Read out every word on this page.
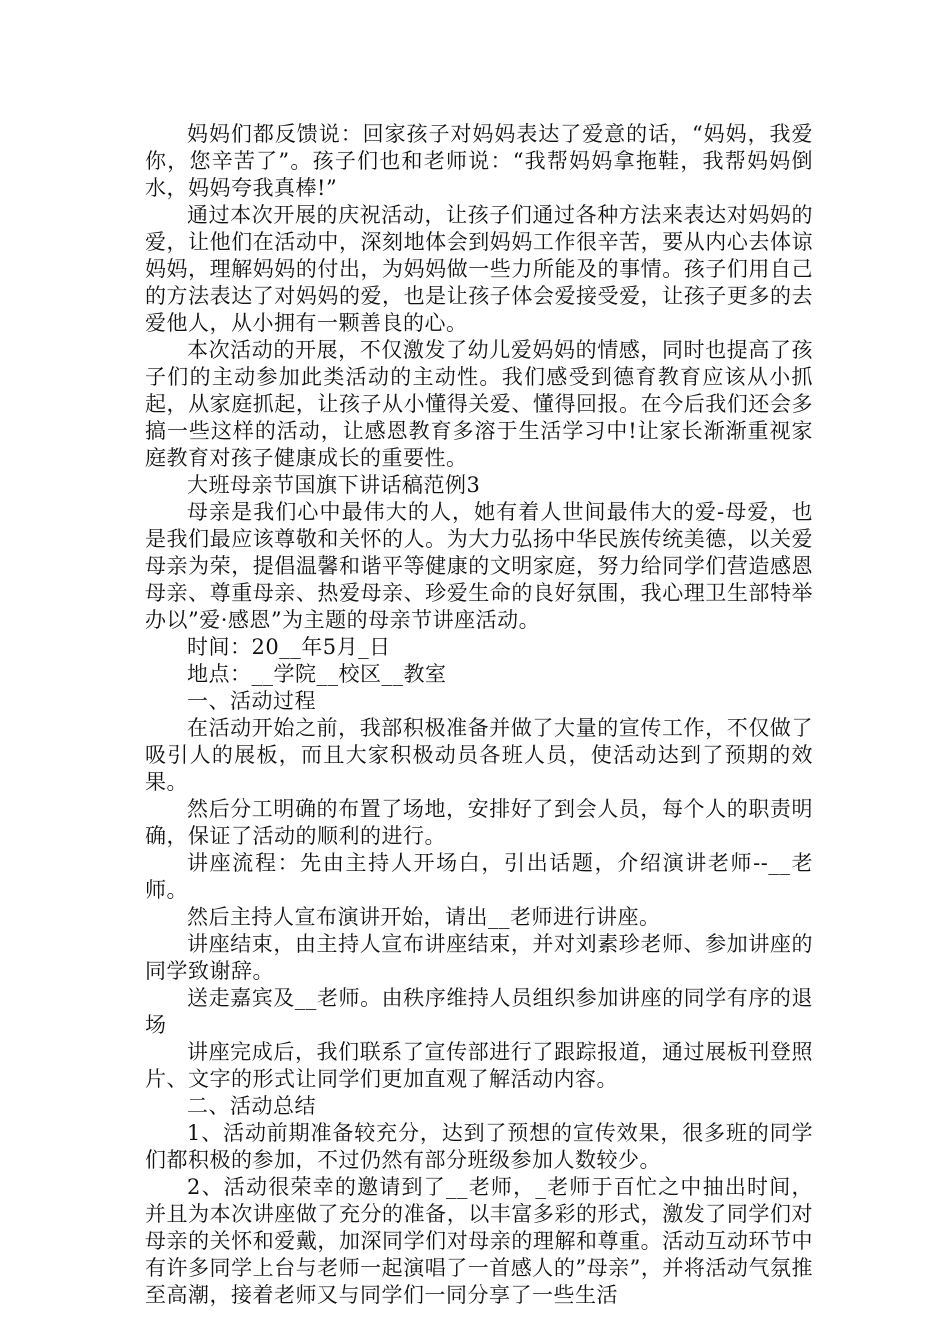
妈妈们都反馈说：回家孩子对妈妈表达了爱意的话，“妈妈，我爱你，您辛苦了”。孩子们也和老师说：“我帮妈妈拿拖鞋，我帮妈妈倒水，妈妈夸我真棒!”

通过本次开展的庆祝活动，让孩子们通过各种方法来表达对妈妈的爱，让他们在活动中，深刻地体会到妈妈工作很辛苦，要从内心去体谅妈妈，理解妈妈的付出，为妈妈做一些力所能及的事情。孩子们用自己的方法表达了对妈妈的爱，也是让孩子体会爱接受爱，让孩子更多的去爱他人，从小拥有一颗善良的心。

本次活动的开展，不仅激发了幼儿爱妈妈的情感，同时也提高了孩子们的主动参加此类活动的主动性。我们感受到德育教育应该从小抓起，从家庭抓起，让孩子从小懂得关爱、懂得回报。在今后我们还会多搞一些这样的活动，让感恩教育多溶于生活学习中!让家长渐渐重视家庭教育对孩子健康成长的重要性。

大班母亲节国旗下讲话稿范例3

母亲是我们心中最伟大的人，她有着人世间最伟大的爱-母爱，也是我们最应该尊敬和关怀的人。为大力弘扬中华民族传统美德，以关爱母亲为荣，提倡温馨和谐平等健康的文明家庭，努力给同学们营造感恩母亲、尊重母亲、热爱母亲、珍爱生命的良好氛围，我心理卫生部特举办以”爱·感恩”为主题的母亲节讲座活动。

时间：20__年5月_日

地点：__学院__校区__教室

一、活动过程

在活动开始之前，我部积极准备并做了大量的宣传工作，不仅做了吸引人的展板，而且大家积极动员各班人员，使活动达到了预期的效果。

然后分工明确的布置了场地，安排好了到会人员，每个人的职责明确，保证了活动的顺利的进行。

讲座流程：先由主持人开场白，引出话题，介绍演讲老师--__老师。

然后主持人宣布演讲开始，请出__老师进行讲座。

讲座结束，由主持人宣布讲座结束，并对刘素珍老师、参加讲座的同学致谢辞。

送走嘉宾及__老师。由秩序维持人员组织参加讲座的同学有序的退场

讲座完成后，我们联系了宣传部进行了跟踪报道，通过展板刊登照片、文字的形式让同学们更加直观了解活动内容。

二、活动总结

1、活动前期准备较充分，达到了预想的宣传效果，很多班的同学们都积极的参加，不过仍然有部分班级参加人数较少。

2、活动很荣幸的邀请到了__老师，_老师于百忙之中抽出时间，并且为本次讲座做了充分的准备，以丰富多彩的形式，激发了同学们对母亲的关怀和爱戴，加深同学们对母亲的理解和尊重。活动互动环节中有许多同学上台与老师一起演唱了一首感人的”母亲”，并将活动气氛推至高潮，接着老师又与同学们一同分享了一些生活
